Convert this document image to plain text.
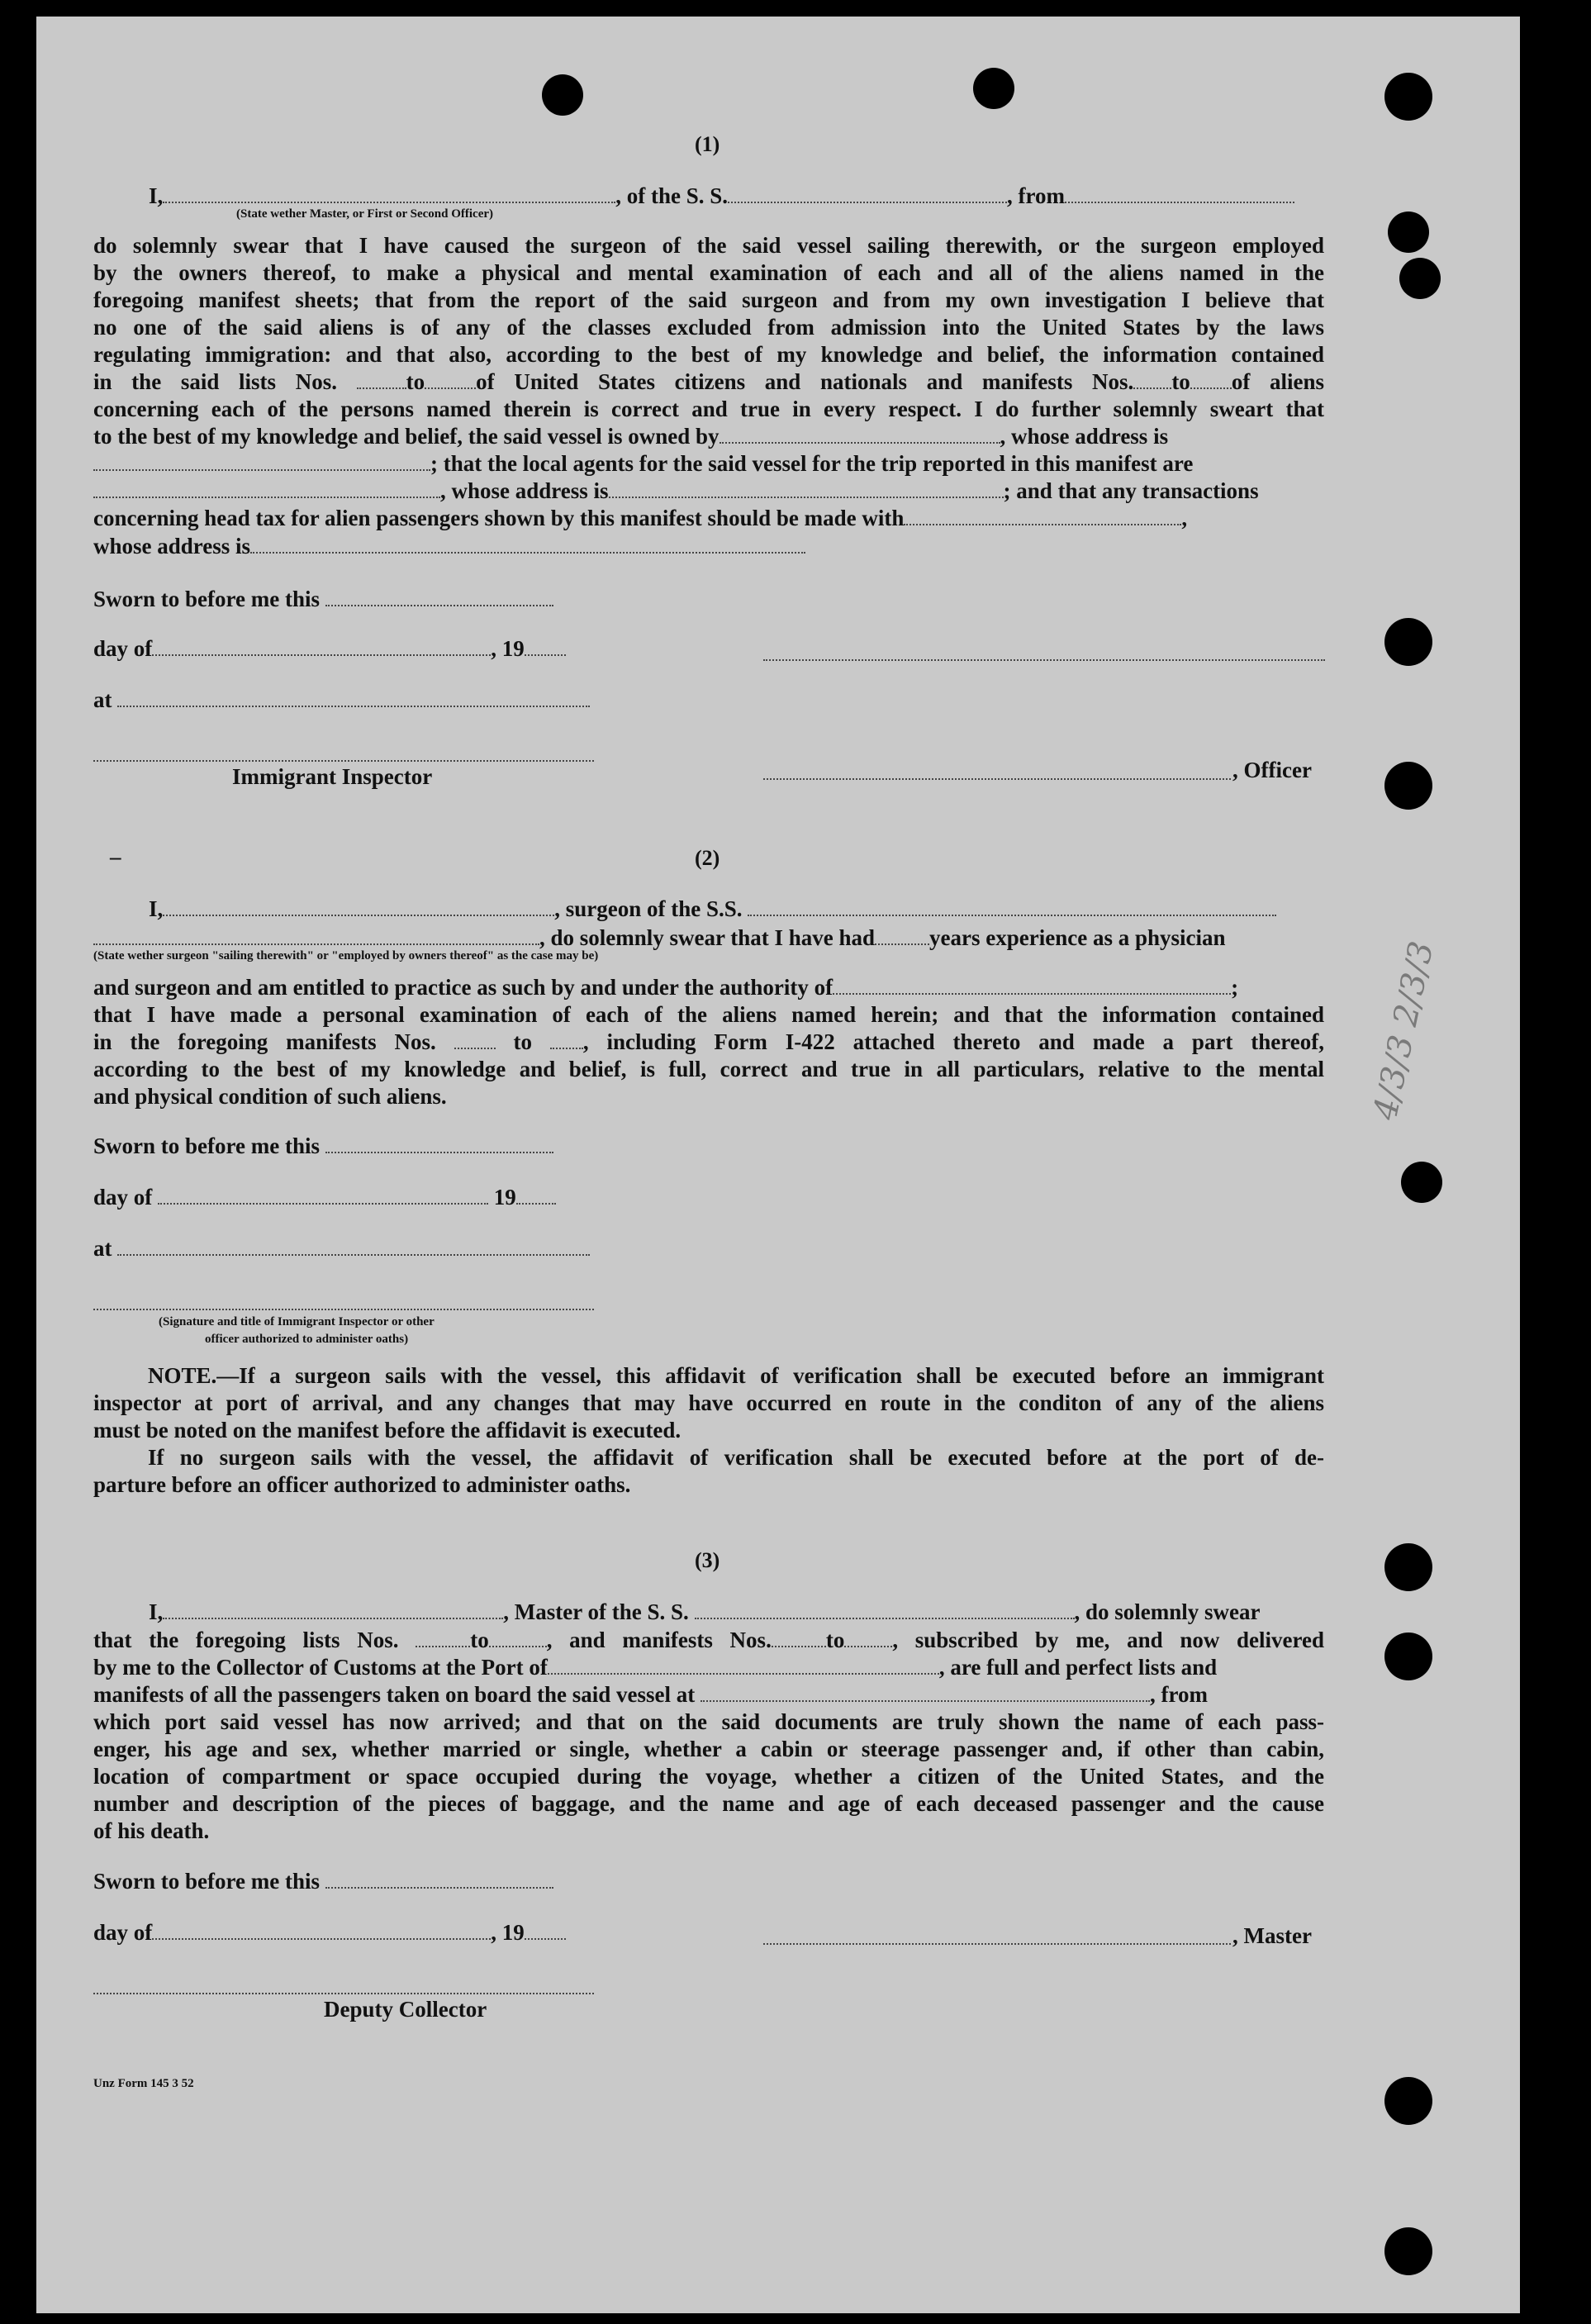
4/3/3 2/3/3
(1)
I,	, of the S. S.	, from
(State wether Master, or First or Second Officer)
do solemnly swear that I have caused the surgeon of the said vessel sailing therewith, or the surgeon employed
by the owners thereof, to make a physical and mental examination of each and all of the aliens named in the
foregoing manifest sheets; that from the report of the said surgeon and from my own investigation I believe that
no one of the said aliens is of any of the classes excluded from admission into the United States by the laws
regulating immigration: and that also, according to the best of my knowledge and belief, the information contained
in the said lists Nos.	to of United States citizens and nationals and manifests Nos. to of aliens
concerning each of the persons named therein is correct and true in every respect. I do further solemnly sweart that
to the best of my knowledge and belief, the said vessel is owned by	, whose address is
; that the local agents for the said vessel for the trip reported in this manifest are
, whose address is	; and that any transactions
concerning head tax for alien passengers shown by this manifest should be made with	,
whose address is
Sworn to before me this
day of	, 19
at
Immigrant Inspector	, Officer
–	(2)
I,	, surgeon of the S.S.
, do solemnly swear that I have had years experience as a physician
(State wether surgeon "sailing therewith" or "employed by owners thereof" as the case may be)
and surgeon and am entitled to practice as such by and under the authority of	;
that I have made a personal examination of each of the aliens named herein; and that the information contained
in the foregoing manifests Nos.	to , including Form I-422 attached thereto and made a part thereof,
according to the best of my knowledge and belief, is full, correct and true in all particulars, relative to the mental
and physical condition of such aliens.
Sworn to before me this
day of	19
at
(Signature and title of Immigrant Inspector or other
officer authorized to administer oaths)
NOTE.—If a surgeon sails with the vessel, this affidavit of verification shall be executed before an immigrant
inspector at port of arrival, and any changes that may have occurred en route in the conditon of any of the aliens
must be noted on the manifest before the affidavit is executed.
If no surgeon sails with the vessel, the affidavit of verification shall be executed before at the port of de-
parture before an officer authorized to administer oaths.
(3)
I,	, Master of the S. S.	, do solemnly swear
that the foregoing lists Nos.	to	, and manifests Nos. to , subscribed by me, and now delivered
by me to the Collector of Customs at the Port of	, are full and perfect lists and
manifests of all the passengers taken on board the said vessel at	, from
which port said vessel has now arrived; and that on the said documents are truly shown the name of each pass-
enger, his age and sex, whether married or single, whether a cabin or steerage passenger and, if other than cabin,
location of compartment or space occupied during the voyage, whether a citizen of the United States, and the
number and description of the pieces of baggage, and the name and age of each deceased passenger and the cause
of his death.
Sworn to before me this
day of	, 19	, Master
Deputy Collector
Unz Form 145 3 52
